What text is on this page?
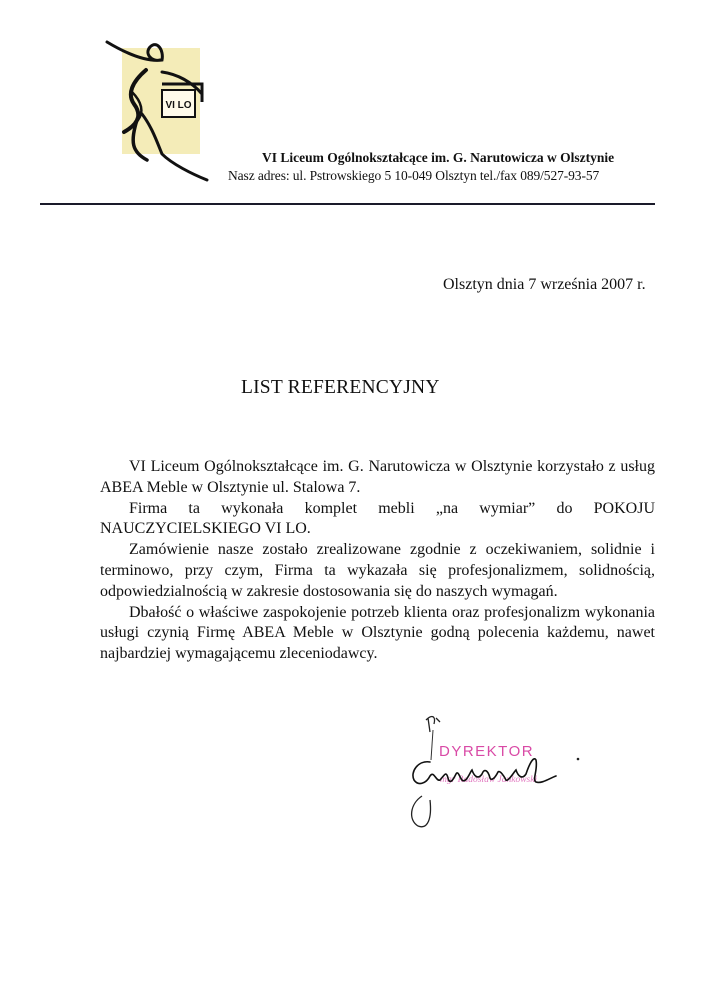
VI LO
VI Liceum Ogólnokształcące im. G. Narutowicza w Olsztynie
Nasz adres: ul. Pstrowskiego 5 10-049 Olsztyn tel./fax 089/527-93-57
Olsztyn dnia 7 września 2007 r.
LIST REFERENCYJNY

VI Liceum Ogólnokształcące im. G. Narutowicza w Olsztynie korzystało z usług ABEA Meble w Olsztynie ul. Stalowa 7.

Firma ta wykonała komplet mebli „na wymiar” do POKOJU NAUCZYCIELSKIEGO VI LO.

Zamówienie nasze zostało zrealizowane zgodnie z oczekiwaniem, solidnie i terminowo, przy czym, Firma ta wykazała się profesjonalizmem, solidnością, odpowiedzialnością w zakresie dostosowania się do naszych wymagań.

Dbałość o właściwe zaspokojenie potrzeb klienta oraz profesjonalizm wykonania usługi czynią Firmę ABEA Meble w Olsztynie godną polecenia każdemu, nawet najbardziej wymagającemu zleceniodawcy.

DYREKTOR
mgr Radosław Jankowski
